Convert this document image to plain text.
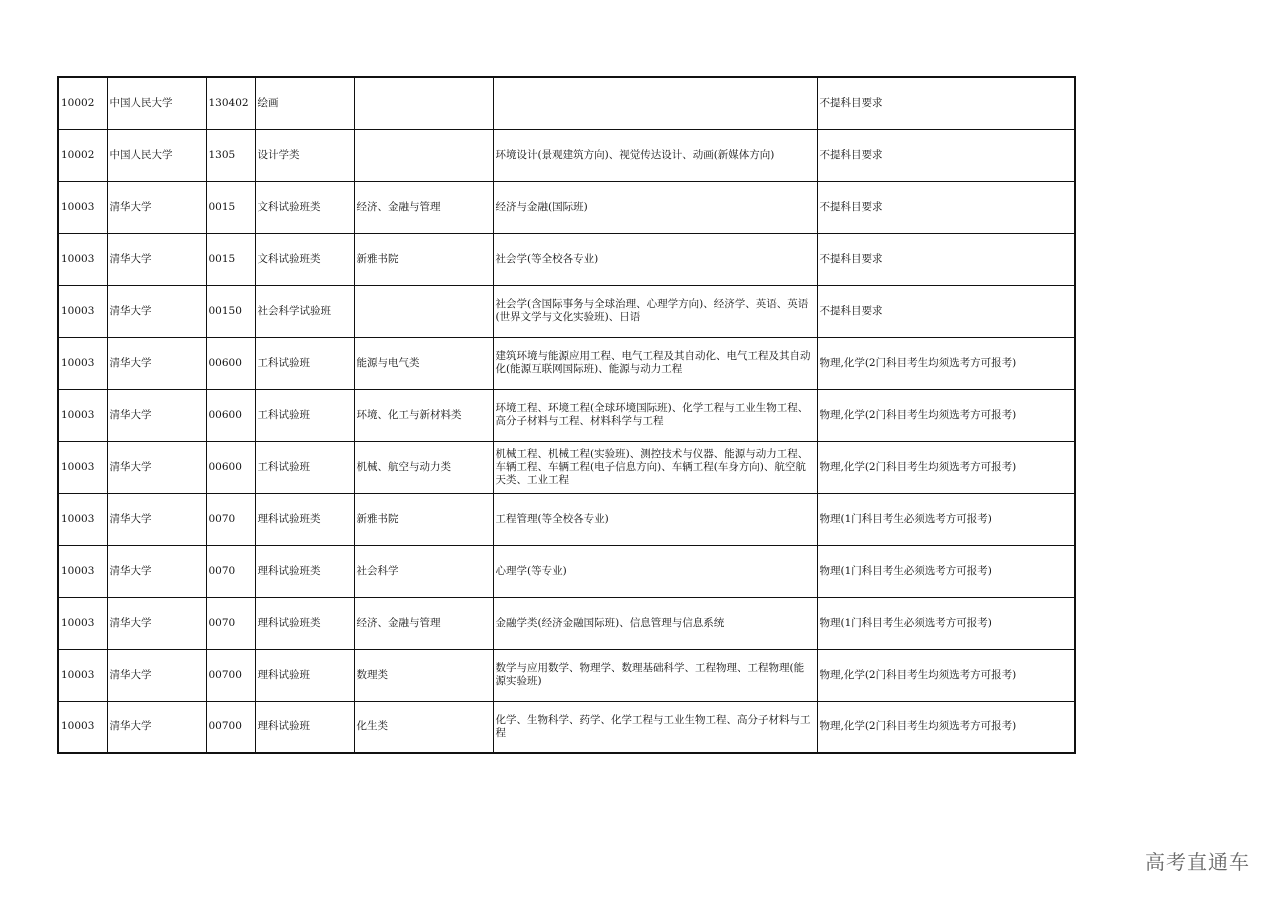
10002	中国人民大学	130402	绘画			不提科目要求
10002	中国人民大学	1305	设计学类		环境设计(景观建筑方向)、视觉传达设计、动画(新媒体方向)	不提科目要求
10003	清华大学	0015	文科试验班类	经济、金融与管理	经济与金融(国际班)	不提科目要求
10003	清华大学	0015	文科试验班类	新雅书院	社会学(等全校各专业)	不提科目要求
10003	清华大学	00150	社会科学试验班		社会学(含国际事务与全球治理、心理学方向)、经济学、英语、英语(世界文学与文化实验班)、日语	不提科目要求
10003	清华大学	00600	工科试验班	能源与电气类	建筑环境与能源应用工程、电气工程及其自动化、电气工程及其自动化(能源互联网国际班)、能源与动力工程	物理,化学(2门科目考生均须选考方可报考)
10003	清华大学	00600	工科试验班	环境、化工与新材料类	环境工程、环境工程(全球环境国际班)、化学工程与工业生物工程、高分子材料与工程、材料科学与工程	物理,化学(2门科目考生均须选考方可报考)
10003	清华大学	00600	工科试验班	机械、航空与动力类	机械工程、机械工程(实验班)、测控技术与仪器、能源与动力工程、车辆工程、车辆工程(电子信息方向)、车辆工程(车身方向)、航空航天类、工业工程	物理,化学(2门科目考生均须选考方可报考)
10003	清华大学	0070	理科试验班类	新雅书院	工程管理(等全校各专业)	物理(1门科目考生必须选考方可报考)
10003	清华大学	0070	理科试验班类	社会科学	心理学(等专业)	物理(1门科目考生必须选考方可报考)
10003	清华大学	0070	理科试验班类	经济、金融与管理	金融学类(经济金融国际班)、信息管理与信息系统	物理(1门科目考生必须选考方可报考)
10003	清华大学	00700	理科试验班	数理类	数学与应用数学、物理学、数理基础科学、工程物理、工程物理(能源实验班)	物理,化学(2门科目考生均须选考方可报考)
10003	清华大学	00700	理科试验班	化生类	化学、生物科学、药学、化学工程与工业生物工程、高分子材料与工程	物理,化学(2门科目考生均须选考方可报考)
高考直通车
